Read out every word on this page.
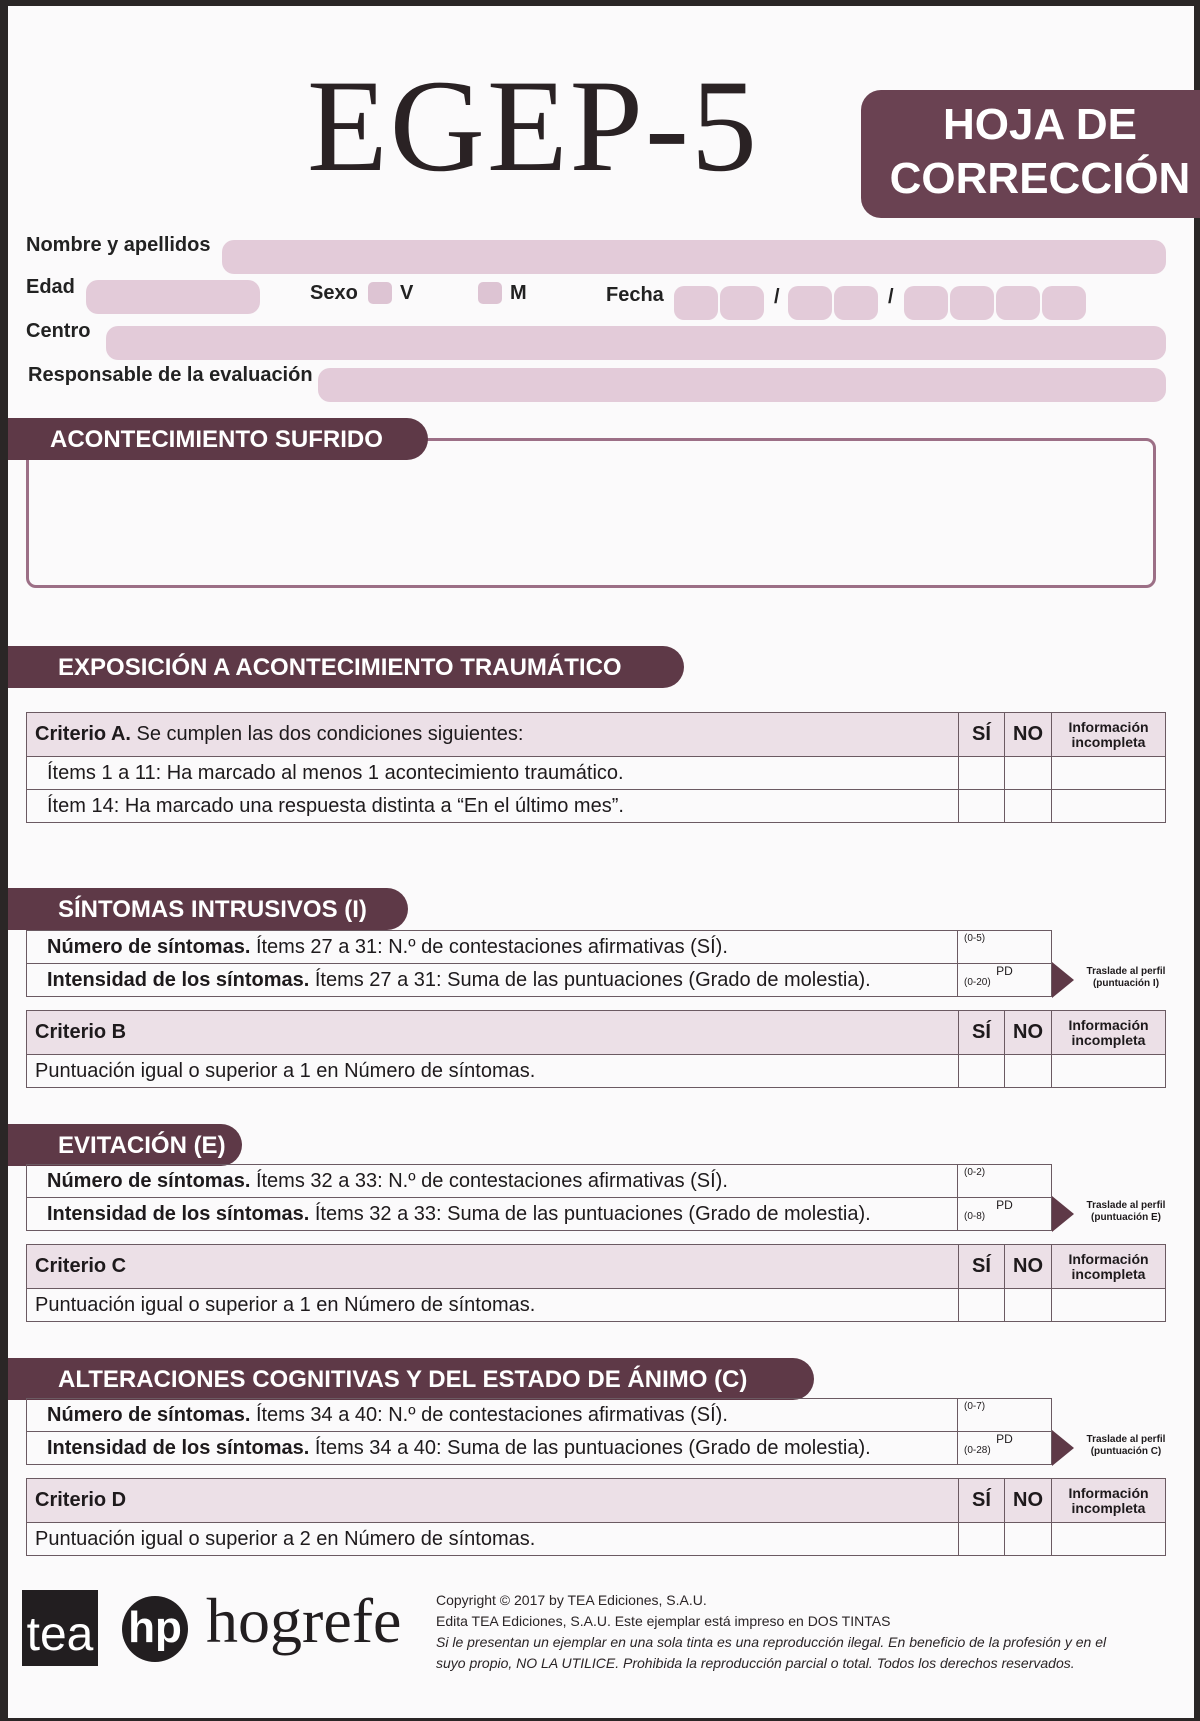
EGEP-5	HOJA DE
CORRECCIÓN
Nombre y apellidos
Edad	Sexo V	M	Fecha	/	/
Centro
Responsable de la evaluación
ACONTECIMIENTO SUFRIDO
EXPOSICIÓN A ACONTECIMIENTO TRAUMÁTICO
Criterio A. Se cumplen las dos condiciones siguientes:	SÍ	NO	Información
incompleta

Ítems 1 a 11: Ha marcado al menos 1 acontecimiento traumático.			
Ítem 14: Ha marcado una respuesta distinta a “En el último mes”.			
SÍNTOMAS INTRUSIVOS (I)
Número de síntomas. Ítems 27 a 31: N.º de contestaciones afirmativas (SÍ).	(0-5)

Intensidad de los síntomas. Ítems 27 a 31: Suma de las puntuaciones (Grado de molestia).	PD
(0-20)
Traslade al perfil
(puntuación I)
Criterio B	SÍ	NO	Información
incompleta

Puntuación igual o superior a 1 en Número de síntomas.			
EVITACIÓN (E)
Número de síntomas. Ítems 32 a 33: N.º de contestaciones afirmativas (SÍ).	(0-2)

Intensidad de los síntomas. Ítems 32 a 33: Suma de las puntuaciones (Grado de molestia).	PD
(0-8)
Traslade al perfil
(puntuación E)
Criterio C	SÍ	NO	Información
incompleta

Puntuación igual o superior a 1 en Número de síntomas.			
ALTERACIONES COGNITIVAS Y DEL ESTADO DE ÁNIMO (C)
Número de síntomas. Ítems 34 a 40: N.º de contestaciones afirmativas (SÍ).	(0-7)

Intensidad de los síntomas. Ítems 34 a 40: Suma de las puntuaciones (Grado de molestia).	PD
(0-28)
Traslade al perfil
(puntuación C)
Criterio D	SÍ	NO	Información
incompleta

Puntuación igual o superior a 2 en Número de síntomas.			
tea hp hogrefe Copyright © 2017 by TEA Ediciones, S.A.U.
Edita TEA Ediciones, S.A.U. Este ejemplar está impreso en DOS TINTAS
Si le presentan un ejemplar en una sola tinta es una reproducción ilegal. En beneficio de la profesión y en el
suyo propio, NO LA UTILICE. Prohibida la reproducción parcial o total. Todos los derechos reservados.
